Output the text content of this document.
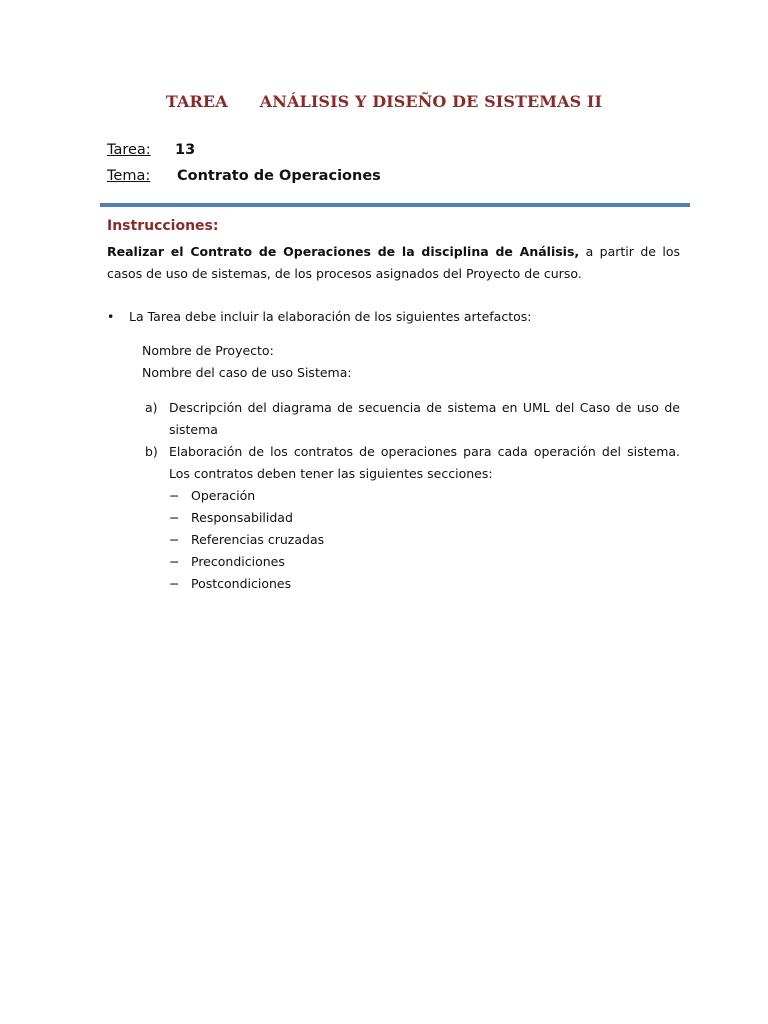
TAREA ANÁLISIS Y DISEÑO DE SISTEMAS II
Tarea: 13
Tema: Contrato de Operaciones
Instrucciones:
Realizar el Contrato de Operaciones de la disciplina de Análisis, a partir de los casos de uso de sistemas, de los procesos asignados del Proyecto de curso.
• La Tarea debe incluir la elaboración de los siguientes artefactos:
Nombre de Proyecto:
Nombre del caso de uso Sistema:
a) Descripción del diagrama de secuencia de sistema en UML del Caso de uso de sistema
b) Elaboración de los contratos de operaciones para cada operación del sistema. Los contratos deben tener las siguientes secciones:
− Operación
− Responsabilidad
− Referencias cruzadas
− Precondiciones
− Postcondiciones
